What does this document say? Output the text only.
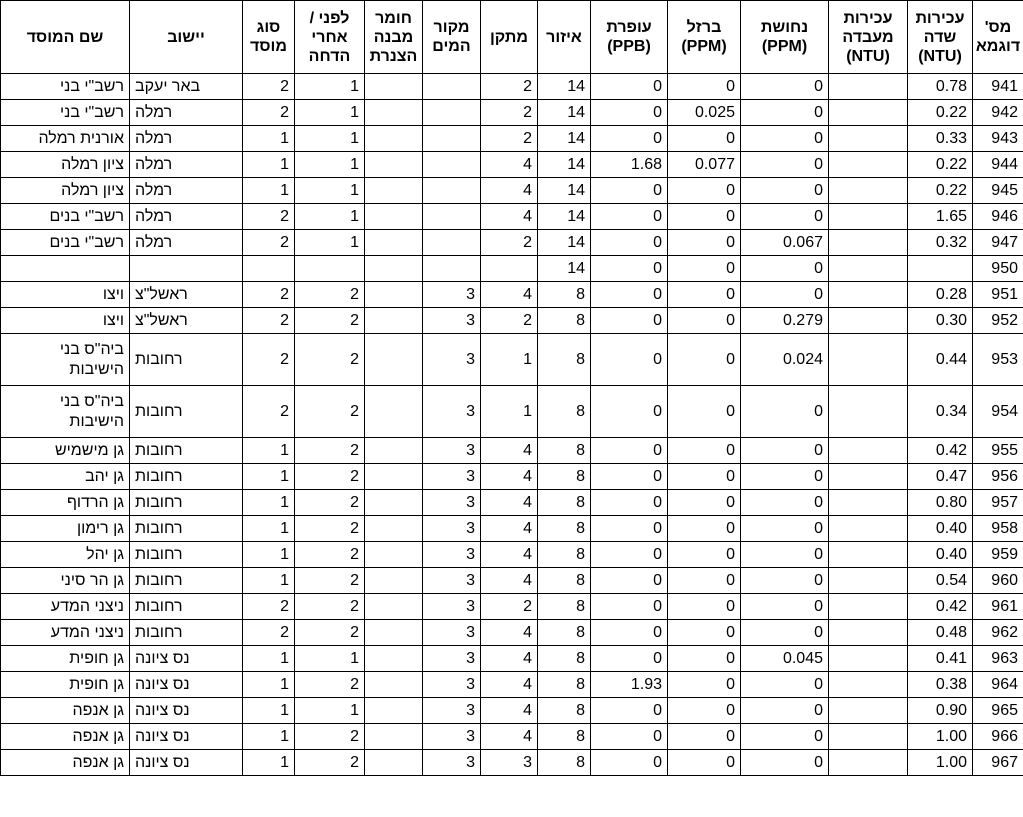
מס' דוגמא	עכירות שדה (NTU)	עכירות מעבדה (NTU)	נחושת (PPM)	ברזל (PPM)	עופרת (PPB)	איזור	מתקן	מקור המים	חומר מבנה הצנרת	לפני / אחרי הדחה	סוג מוסד	יישוב	שם המוסד
941	0.78		0	0	0	14	2			1	2	באר יעקב	רשב"י בני
942	0.22		0	0.025	0	14	2			1	2	רמלה	רשב"י בני
943	0.33		0	0	0	14	2			1	1	רמלה	אורנית רמלה
944	0.22		0	0.077	1.68	14	4			1	1	רמלה	ציון רמלה
945	0.22		0	0	0	14	4			1	1	רמלה	ציון רמלה
946	1.65		0	0	0	14	4			1	2	רמלה	רשב"י בנים
947	0.32		0.067	0	0	14	2			1	2	רמלה	רשב"י בנים
950			0	0	0	14							
951	0.28		0	0	0	8	4	3		2	2	ראשל"צ	ויצו
952	0.30		0.279	0	0	8	2	3		2	2	ראשל"צ	ויצו
953	0.44		0.024	0	0	8	1	3		2	2	רחובות	ביה"ס בני הישיבות
954	0.34		0	0	0	8	1	3		2	2	רחובות	ביה"ס בני הישיבות
955	0.42		0	0	0	8	4	3		2	1	רחובות	גן מישמיש
956	0.47		0	0	0	8	4	3		2	1	רחובות	גן יהב
957	0.80		0	0	0	8	4	3		2	1	רחובות	גן הרדוף
958	0.40		0	0	0	8	4	3		2	1	רחובות	גן רימון
959	0.40		0	0	0	8	4	3		2	1	רחובות	גן יהל
960	0.54		0	0	0	8	4	3		2	1	רחובות	גן הר סיני
961	0.42		0	0	0	8	2	3		2	2	רחובות	ניצני המדע
962	0.48		0	0	0	8	4	3		2	2	רחובות	ניצני המדע
963	0.41		0.045	0	0	8	4	3		1	1	נס ציונה	גן חופית
964	0.38		0	0	1.93	8	4	3		2	1	נס ציונה	גן חופית
965	0.90		0	0	0	8	4	3		1	1	נס ציונה	גן אנפה
966	1.00		0	0	0	8	4	3		2	1	נס ציונה	גן אנפה
967	1.00		0	0	0	8	3	3		2	1	נס ציונה	גן אנפה
